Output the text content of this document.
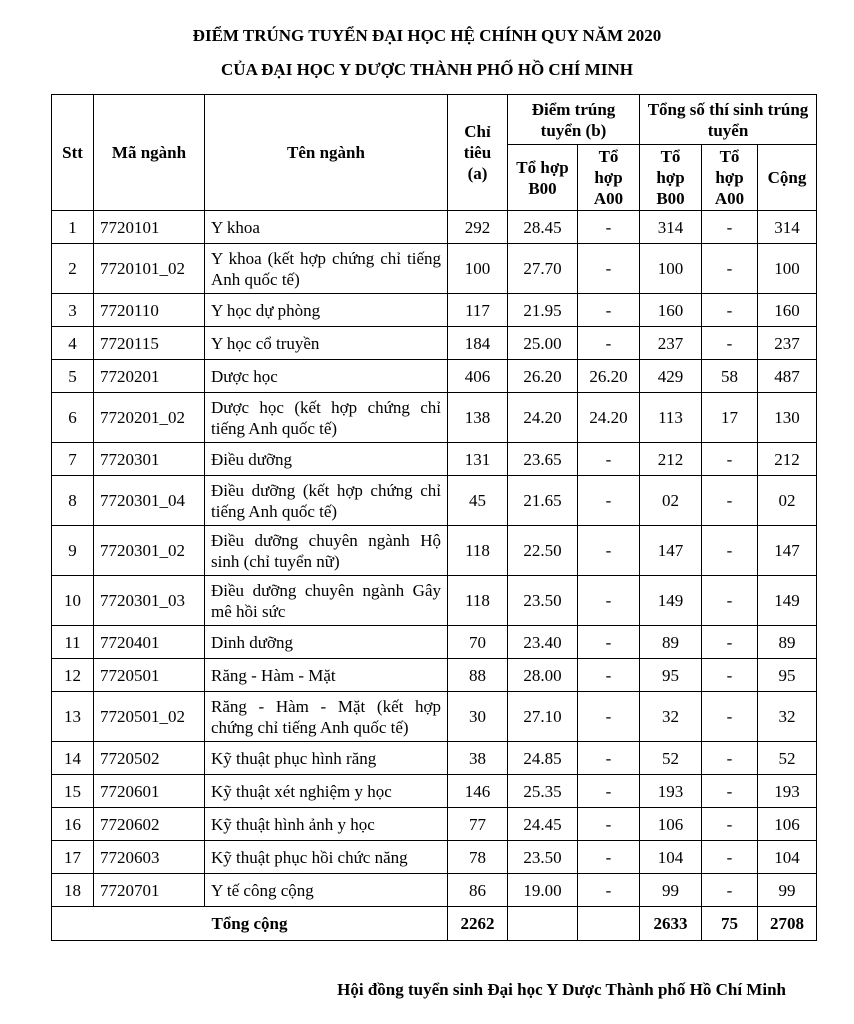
ĐIỂM TRÚNG TUYỂN ĐẠI HỌC HỆ CHÍNH QUY NĂM 2020
CỦA ĐẠI HỌC Y DƯỢC THÀNH PHỐ HỒ CHÍ MINH
Stt	Mã ngành	Tên ngành	Chỉ tiêu (a)	Điểm trúng tuyển (b)		Tổng số thí sinh trúng tuyển		
				Tổ hợp B00	Tổ hợp A00	Tổ hợp B00	Tổ hợp A00	Cộng
1	7720101	Y khoa	292	28.45	-	314	-	314
2	7720101_02	Y khoa (kết hợp chứng chỉ tiếng Anh quốc tế)	100	27.70	-	100	-	100
3	7720110	Y học dự phòng	117	21.95	-	160	-	160
4	7720115	Y học cổ truyền	184	25.00	-	237	-	237
5	7720201	Dược học	406	26.20	26.20	429	58	487
6	7720201_02	Dược học (kết hợp chứng chỉ tiếng Anh quốc tế)	138	24.20	24.20	113	17	130
7	7720301	Điều dưỡng	131	23.65	-	212	-	212
8	7720301_04	Điều dưỡng (kết hợp chứng chỉ tiếng Anh quốc tế)	45	21.65	-	02	-	02
9	7720301_02	Điều dưỡng chuyên ngành Hộ sinh (chỉ tuyển nữ)	118	22.50	-	147	-	147
10	7720301_03	Điều dưỡng chuyên ngành Gây mê hồi sức	118	23.50	-	149	-	149
11	7720401	Dinh dưỡng	70	23.40	-	89	-	89
12	7720501	Răng - Hàm - Mặt	88	28.00	-	95	-	95
13	7720501_02	Răng - Hàm - Mặt (kết hợp chứng chỉ tiếng Anh quốc tế)	30	27.10	-	32	-	32
14	7720502	Kỹ thuật phục hình răng	38	24.85	-	52	-	52
15	7720601	Kỹ thuật xét nghiệm y học	146	25.35	-	193	-	193
16	7720602	Kỹ thuật hình ảnh y học	77	24.45	-	106	-	106
17	7720603	Kỹ thuật phục hồi chức năng	78	23.50	-	104	-	104
18	7720701	Y tế công cộng	86	19.00	-	99	-	99
Tổng cộng			2262			2633	75	2708
Hội đồng tuyển sinh Đại học Y Dược Thành phố Hồ Chí Minh
